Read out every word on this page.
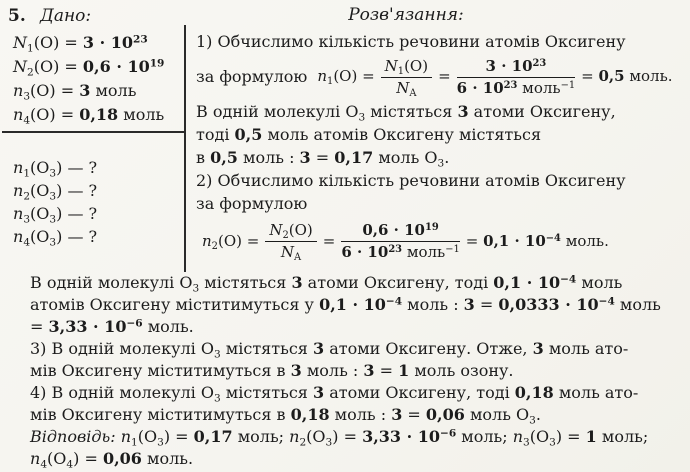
5. Дано:	Розв'язання:
$N_1(O) = 3 \cdot 10^{23}$
$N_2(O) = 0,6 \cdot 10^{19}$
$n_3(O) = 3$ моль
$n_4(O) = 0,18$ моль
$n_1(O_3)$ — ?
$n_2(O_3)$ — ?
$n_3(O_3)$ — ?
$n_4(O_3)$ — ?
1) Обчислимо кількість речовини атомів Оксигену
за формулою $n_1(O) = \frac{N_1(O)}{N_A} = \frac{3 \cdot 10^{23}}{6 \cdot 10^{23} моль^{-1}} = 0,5$ моль.
В одній молекулі $O_3$ містяться 3 атоми Оксигену,
тоді 0,5 моль атомів Оксигену містяться
в 0,5 моль : 3 = 0,17 моль $O_3$.
2) Обчислимо кількість речовини атомів Оксигену
за формулою
$n_2(O) = \frac{N_2(O)}{N_A} = \frac{0,6 \cdot 10^{19}}{6 \cdot 10^{23} моль^{-1}} = 0,1 \cdot 10^{-4}$ моль.
В одній молекулі $O_3$ містяться 3 атоми Оксигену, тоді $0,1 \cdot 10^{-4}$ моль
атомів Оксигену міститимуться у $0,1 \cdot 10^{-4}$ моль : $3 = 0,0333 \cdot 10^{-4}$ моль
= $3,33 \cdot 10^{-6}$ моль.
3) В одній молекулі $O_3$ містяться 3 атоми Оксигену. Отже, 3 моль ато-
мів Оксигену міститимуться в 3 моль : 3 = 1 моль озону.
4) В одній молекулі $O_3$ містяться 3 атоми Оксигену, тоді 0,18 моль ато-
мів Оксигену міститимуться в 0,18 моль : 3 = 0,06 моль $O_3$.
Відповідь: $n_1(O_3) = 0,17$ моль; $n_2(O_3) = 3,33 \cdot 10^{-6}$ моль; $n_3(O_3) = 1$ моль;
$n_4(O_4) = 0,06$ моль.
